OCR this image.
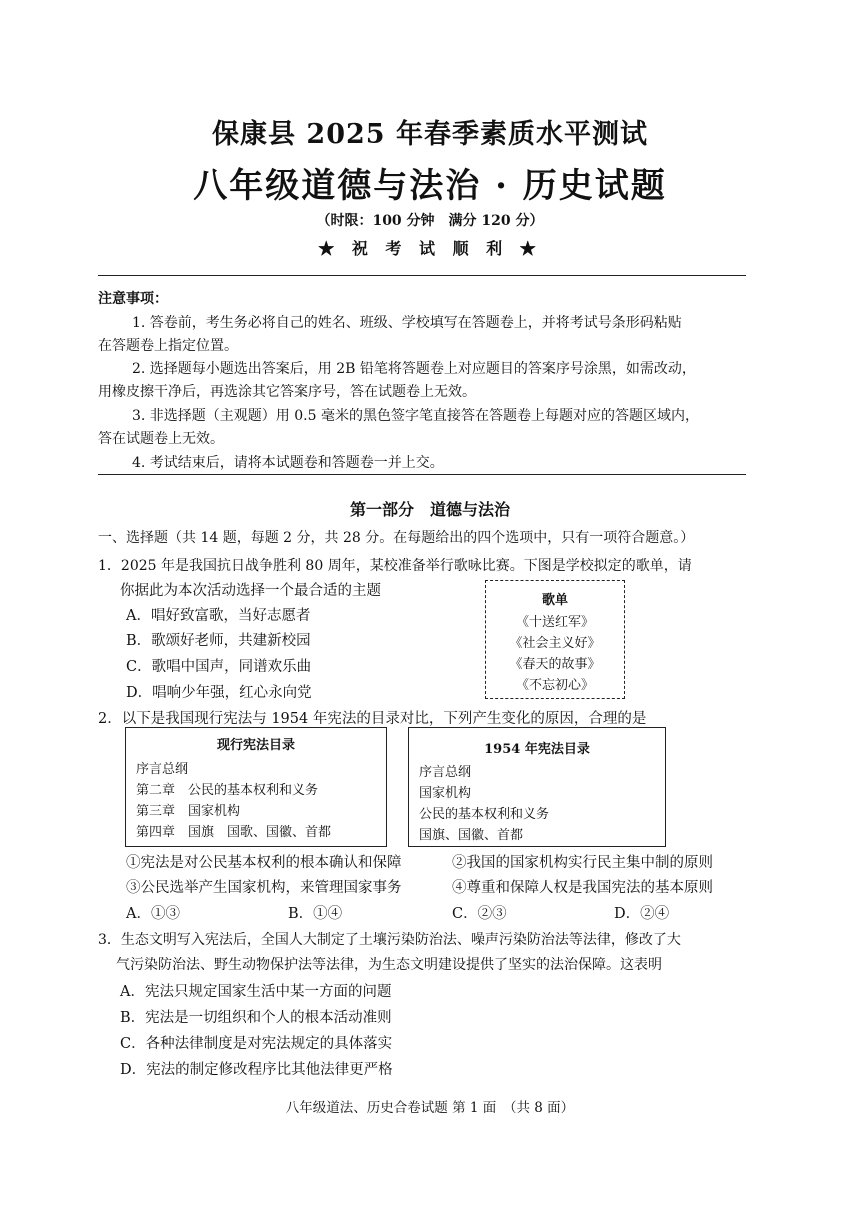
保康县 2025 年春季素质水平测试
八年级道德与法治 · 历史试题
（时限：100 分钟　满分 120 分）
★ 祝 考 试 顺 利 ★
注意事项：
1. 答卷前，考生务必将自己的姓名、班级、学校填写在答题卷上，并将考试号条形码粘贴
在答题卷上指定位置。
2. 选择题每小题选出答案后，用 2B 铅笔将答题卷上对应题目的答案序号涂黑，如需改动，
用橡皮擦干净后，再选涂其它答案序号，答在试题卷上无效。
3. 非选择题（主观题）用 0.5 毫米的黑色签字笔直接答在答题卷上每题对应的答题区域内，
答在试题卷上无效。
4. 考试结束后，请将本试题卷和答题卷一并上交。
第一部分　道德与法治
一、选择题（共 14 题，每题 2 分，共 28 分。在每题给出的四个选项中，只有一项符合题意。）
1．2025 年是我国抗日战争胜利 80 周年，某校准备举行歌咏比赛。下图是学校拟定的歌单，请
你据此为本次活动选择一个最合适的主题
A．唱好致富歌，当好志愿者
B．歌颂好老师，共建新校园
C．歌唱中国声，同谱欢乐曲
D．唱响少年强，红心永向党
歌单
《十送红军》
《社会主义好》
《春天的故事》
《不忘初心》
2．以下是我国现行宪法与 1954 年宪法的目录对比，下列产生变化的原因，合理的是
现行宪法目录
序言总纲
第二章　公民的基本权利和义务
第三章　国家机构
第四章　国旗　国歌、国徽、首都
1954 年宪法目录
序言总纲
国家机构
公民的基本权利和义务
国旗、国徽、首都
①宪法是对公民基本权利的根本确认和保障	②我国的国家机构实行民主集中制的原则
③公民选举产生国家机构，来管理国家事务	④尊重和保障人权是我国宪法的基本原则
A．①③	B．①④	C．②③	D．②④
3．生态文明写入宪法后，全国人大制定了土壤污染防治法、噪声污染防治法等法律，修改了大
气污染防治法、野生动物保护法等法律，为生态文明建设提供了坚实的法治保障。这表明
A．宪法只规定国家生活中某一方面的问题
B．宪法是一切组织和个人的根本活动准则
C．各种法律制度是对宪法规定的具体落实
D．宪法的制定修改程序比其他法律更严格
八年级道法、历史合卷试题 第 1 面　（共 8 面）
